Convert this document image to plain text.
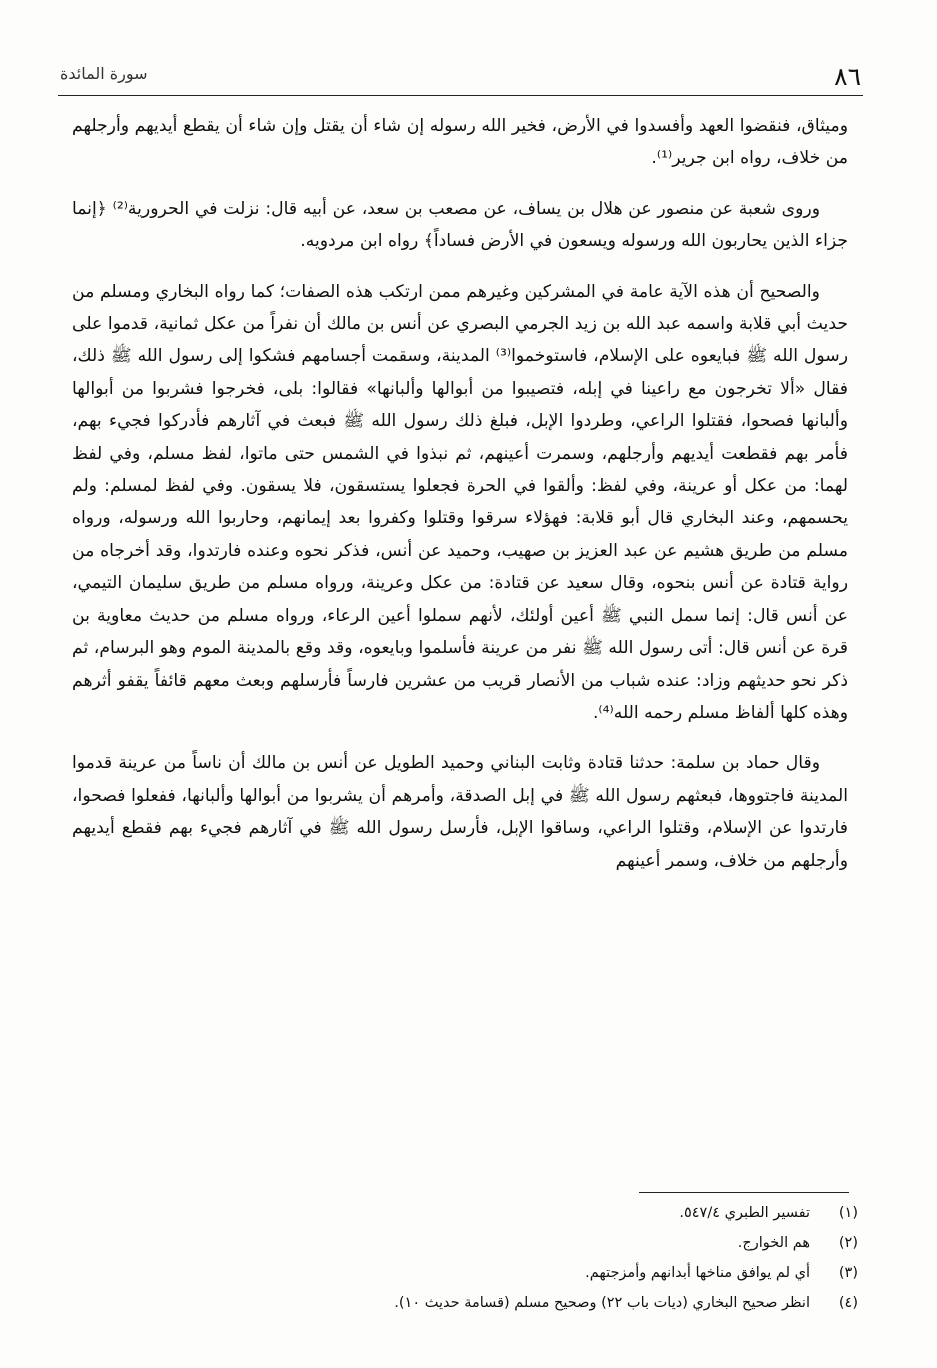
٨٦
سورة المائدة

وميثاق، فنقضوا العهد وأفسدوا في الأرض، فخير الله رسوله إن شاء أن يقتل وإن شاء أن يقطع أيديهم وأرجلهم من خلاف، رواه ابن جرير⁽¹⁾.

وروى شعبة عن منصور عن هلال بن يساف، عن مصعب بن سعد، عن أبيه قال: نزلت في الحرورية⁽²⁾ ﴿إنما جزاء الذين يحاربون الله ورسوله ويسعون في الأرض فساداً﴾ رواه ابن مردويه.

والصحيح أن هذه الآية عامة في المشركين وغيرهم ممن ارتكب هذه الصفات؛ كما رواه البخاري ومسلم من حديث أبي قلابة واسمه عبد الله بن زيد الجرمي البصري عن أنس بن مالك أن نفراً من عكل ثمانية، قدموا على رسول الله ﷺ فبايعوه على الإسلام، فاستوخموا⁽³⁾ المدينة، وسقمت أجسامهم فشكوا إلى رسول الله ﷺ ذلك، فقال «ألا تخرجون مع راعينا في إبله، فتصيبوا من أبوالها وألبانها» فقالوا: بلى، فخرجوا فشربوا من أبوالها وألبانها فصحوا، فقتلوا الراعي، وطردوا الإبل، فبلغ ذلك رسول الله ﷺ فبعث في آثارهم فأدركوا فجيء بهم، فأمر بهم فقطعت أيديهم وأرجلهم، وسمرت أعينهم، ثم نبذوا في الشمس حتى ماتوا، لفظ مسلم، وفي لفظ لهما: من عكل أو عرينة، وفي لفظ: وألقوا في الحرة فجعلوا يستسقون، فلا يسقون. وفي لفظ لمسلم: ولم يحسمهم، وعند البخاري قال أبو قلابة: فهؤلاء سرقوا وقتلوا وكفروا بعد إيمانهم، وحاربوا الله ورسوله، ورواه مسلم من طريق هشيم عن عبد العزيز بن صهيب، وحميد عن أنس، فذكر نحوه وعنده فارتدوا، وقد أخرجاه من رواية قتادة عن أنس بنحوه، وقال سعيد عن قتادة: من عكل وعرينة، ورواه مسلم من طريق سليمان التيمي، عن أنس قال: إنما سمل النبي ﷺ أعين أولئك، لأنهم سملوا أعين الرعاء، ورواه مسلم من حديث معاوية بن قرة عن أنس قال: أتى رسول الله ﷺ نفر من عرينة فأسلموا وبايعوه، وقد وقع بالمدينة الموم وهو البرسام، ثم ذكر نحو حديثهم وزاد: عنده شباب من الأنصار قريب من عشرين فارساً فأرسلهم وبعث معهم قائفاً يقفو أثرهم وهذه كلها ألفاظ مسلم رحمه الله⁽⁴⁾.

وقال حماد بن سلمة: حدثنا قتادة وثابت البناني وحميد الطويل عن أنس بن مالك أن ناساً من عرينة قدموا المدينة فاجتووها، فبعثهم رسول الله ﷺ في إبل الصدقة، وأمرهم أن يشربوا من أبوالها وألبانها، ففعلوا فصحوا، فارتدوا عن الإسلام، وقتلوا الراعي، وساقوا الإبل، فأرسل رسول الله ﷺ في آثارهم فجيء بهم فقطع أيديهم وأرجلهم من خلاف، وسمر أعينهم

(١)
تفسير الطبري ٥٤٧/٤.
(٢)
هم الخوارج.
(٣)
أي لم يوافق مناخها أبدانهم وأمزجتهم.
(٤)
انظر صحيح البخاري (ديات باب ٢٢) وصحيح مسلم (قسامة حديث ١٠).
